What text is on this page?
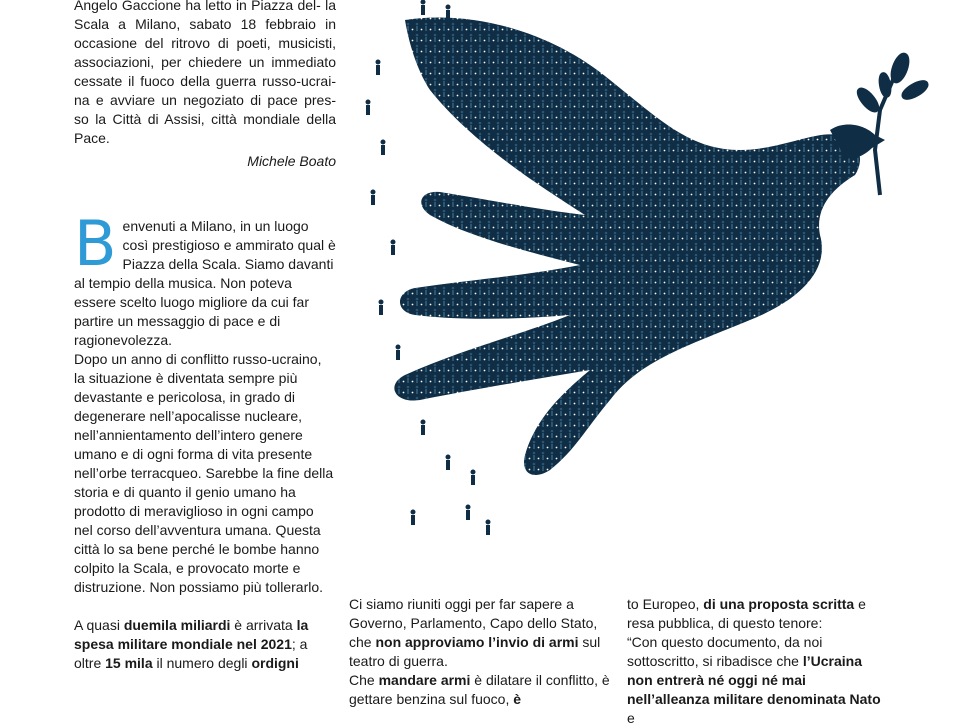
Angelo Gaccione ha letto in Piazza del- la Scala a Milano, sabato 18 febbraio in occasione del ritrovo di poeti, musicisti, associazioni, per chiedere un immediato cessate il fuoco della guerra russo-ucrai- na e avviare un negoziato di pace pres- so la Città di Assisi, città mondiale della Pace.

Michele Boato

Benvenuti a Milano, in un luogo così prestigioso e ammirato qual è Piazza della Scala. Siamo davanti al tempio della musica. Non poteva essere scelto luogo migliore da cui far partire un messaggio di pace e di ragionevolezza.

Dopo un anno di conflitto russo-ucraino, la situazione è diventata sempre più devastante e pericolosa, in grado di degenerare nell’apocalisse nucleare, nell’annientamento dell’intero genere umano e di ogni forma di vita presente nell’orbe terracqueo. Sarebbe la fine della storia e di quanto il genio umano ha prodotto di meraviglioso in ogni campo nel corso dell’avventura umana. Questa città lo sa bene perché le bombe hanno colpito la Scala, e provocato morte e distruzione. Non possiamo più tollerarlo.

A quasi duemila miliardi è arrivata la spesa militare mondiale nel 2021; a oltre 15 mila il numero degli ordigni

Ci siamo riuniti oggi per far sapere a Governo, Parlamento, Capo dello Stato, che non approviamo l’invio di armi sul teatro di guerra.

Che mandare armi è dilatare il conflitto, è gettare benzina sul fuoco, è

to Europeo, di una proposta scritta e resa pubblica, di questo tenore:

“Con questo documento, da noi sottoscritto, si ribadisce che l’Ucraina non entrerà né oggi né mai nell’alleanza militare denominata Nato e
